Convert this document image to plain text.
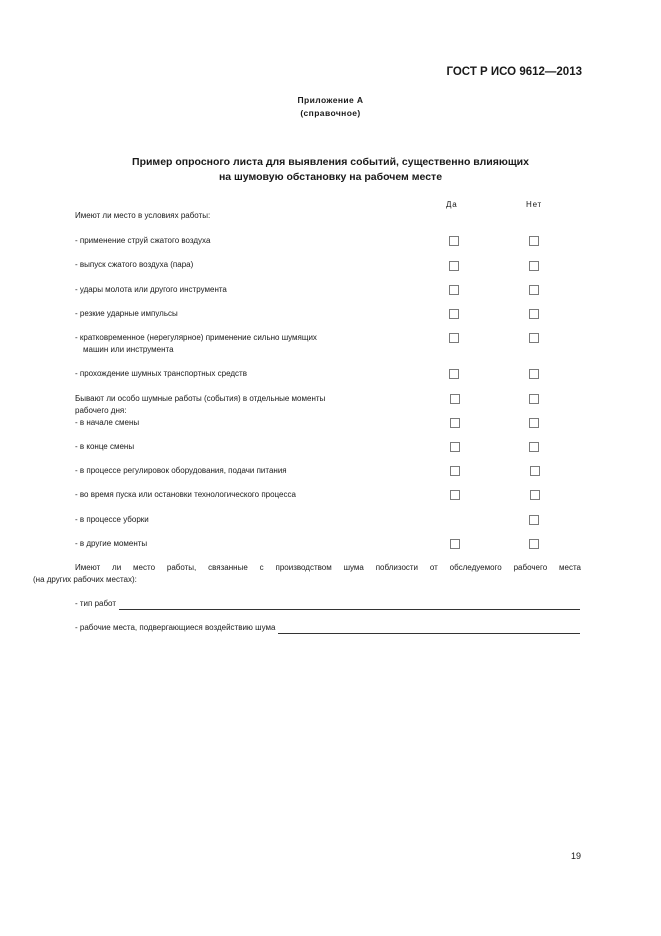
ГОСТ Р ИСО 9612—2013
Приложение А
(справочное)
Пример опросного листа для выявления событий, существенно влияющих
на шумовую обстановку на рабочем месте
Да	Нет
Имеют ли место в условиях работы:
- применение струй сжатого воздуха
- выпуск сжатого воздуха (пара)
- удары молота или другого инструмента
- резкие ударные импульсы
- кратковременное (нерегулярное) применение сильно шумящих
машин или инструмента
- прохождение шумных транспортных средств
Бывают ли особо шумные работы (события) в отдельные моменты
рабочего дня:
- в начале смены
- в конце смены
- в процессе регулировок оборудования, подачи питания
- во время пуска или остановки технологического процесса
- в процессе уборки
- в другие моменты
Имеют ли место работы, связанные с производством шума поблизости от обследуемого рабочего места
(на других рабочих местах):
- тип работ
- рабочие места, подвергающиеся воздействию шума
19
